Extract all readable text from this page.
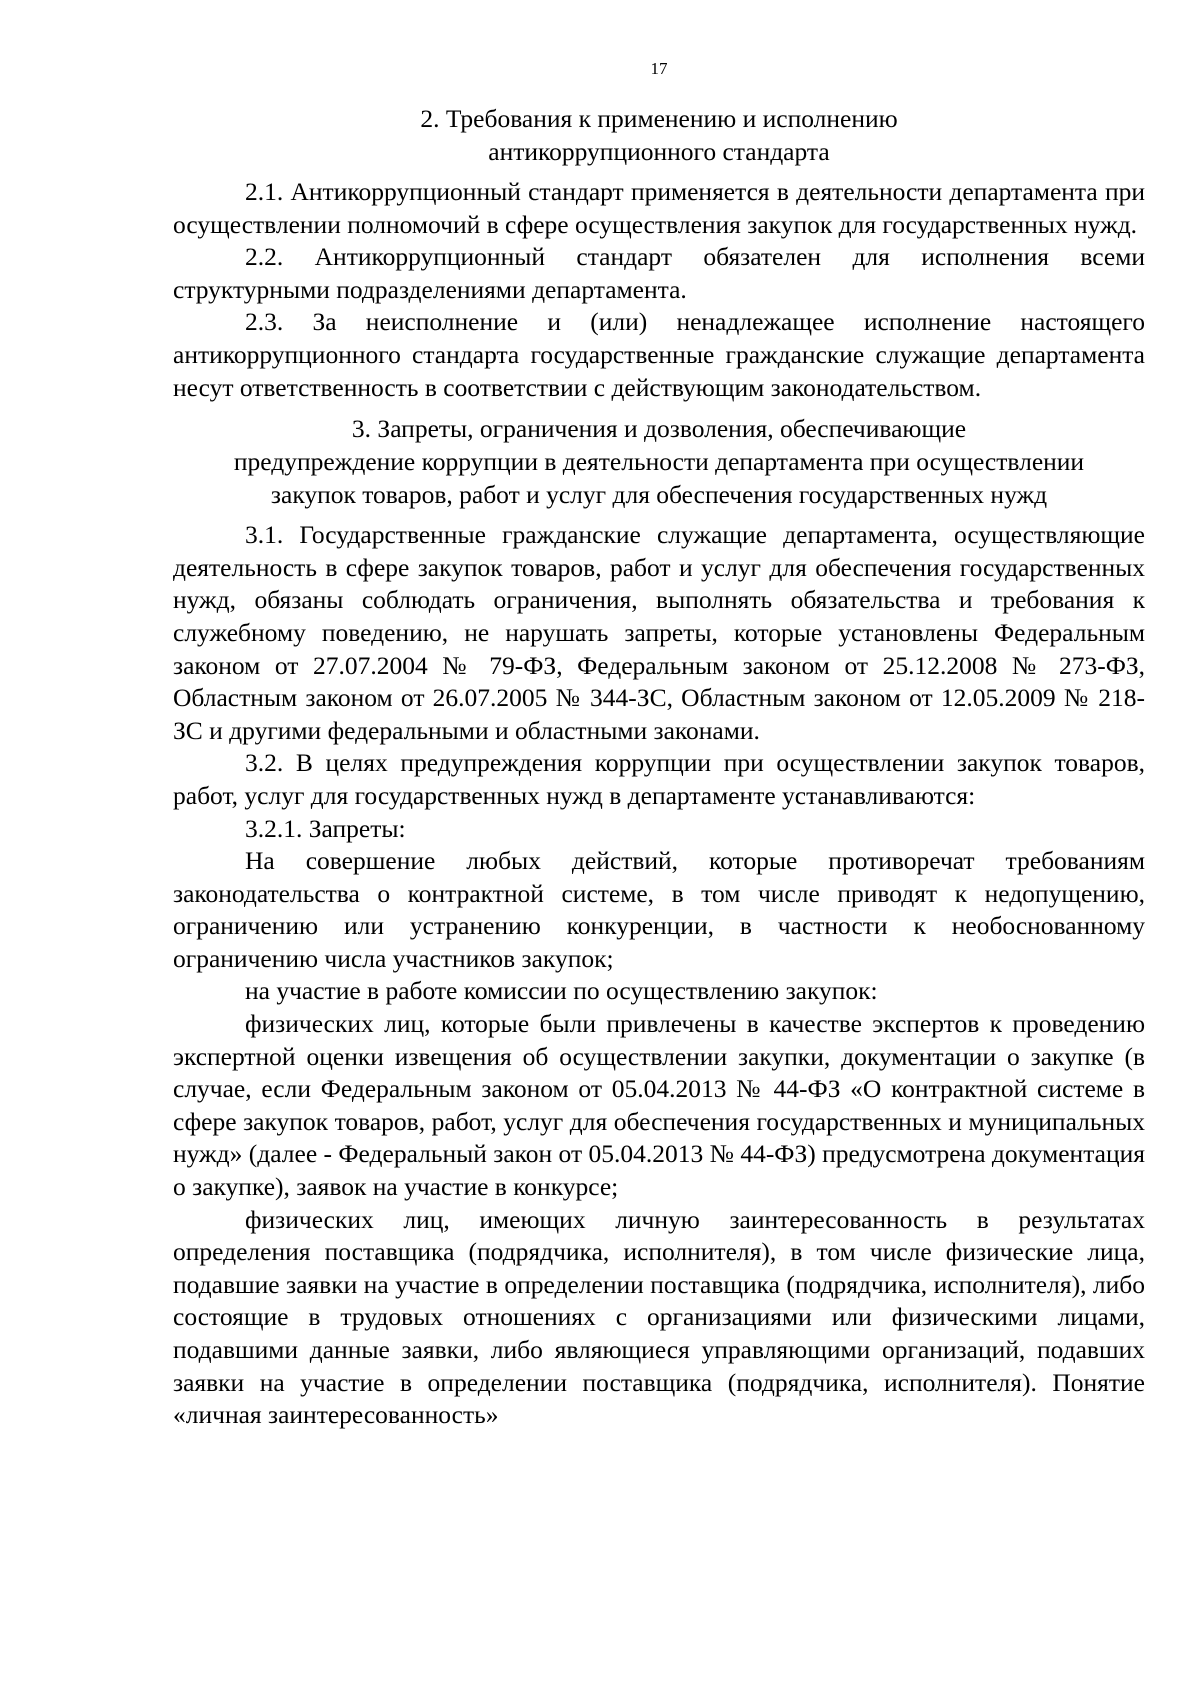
17
2. Требования к применению и исполнению
антикоррупционного стандарта

2.1. Антикоррупционный стандарт применяется в деятельности департамента при осуществлении полномочий в сфере осуществления закупок для государственных нужд.

2.2. Антикоррупционный стандарт обязателен для исполнения всеми структурными подразделениями департамента.

2.3. За неисполнение и (или) ненадлежащее исполнение настоящего антикоррупционного стандарта государственные гражданские служащие департамента несут ответственность в соответствии с действующим законодательством.

3. Запреты, ограничения и дозволения, обеспечивающие
предупреждение коррупции в деятельности департамента при осуществлении
закупок товаров, работ и услуг для обеспечения государственных нужд

3.1. Государственные гражданские служащие департамента, осуществляющие деятельность в сфере закупок товаров, работ и услуг для обеспечения государственных нужд, обязаны соблюдать ограничения, выполнять обязательства и требования к служебному поведению, не нарушать запреты, которые установлены Федеральным законом от 27.07.2004 № 79-ФЗ, Федеральным законом от 25.12.2008 № 273-ФЗ, Областным законом от 26.07.2005 № 344-ЗС, Областным законом от 12.05.2009 № 218-ЗС и другими федеральными и областными законами.

3.2. В целях предупреждения коррупции при осуществлении закупок товаров, работ, услуг для государственных нужд в департаменте устанавливаются:

3.2.1. Запреты:

На совершение любых действий, которые противоречат требованиям законодательства о контрактной системе, в том числе приводят к недопущению, ограничению или устранению конкуренции, в частности к необоснованному ограничению числа участников закупок;

на участие в работе комиссии по осуществлению закупок:

физических лиц, которые были привлечены в качестве экспертов к проведению экспертной оценки извещения об осуществлении закупки, документации о закупке (в случае, если Федеральным законом от 05.04.2013 № 44-ФЗ «О контрактной системе в сфере закупок товаров, работ, услуг для обеспечения государственных и муниципальных нужд» (далее - Федеральный закон от 05.04.2013 № 44-ФЗ) предусмотрена документация о закупке), заявок на участие в конкурсе;

физических лиц, имеющих личную заинтересованность в результатах определения поставщика (подрядчика, исполнителя), в том числе физические лица, подавшие заявки на участие в определении поставщика (подрядчика, исполнителя), либо состоящие в трудовых отношениях с организациями или физическими лицами, подавшими данные заявки, либо являющиеся управляющими организаций, подавших заявки на участие в определении поставщика (подрядчика, исполнителя). Понятие «личная заинтересованность»
